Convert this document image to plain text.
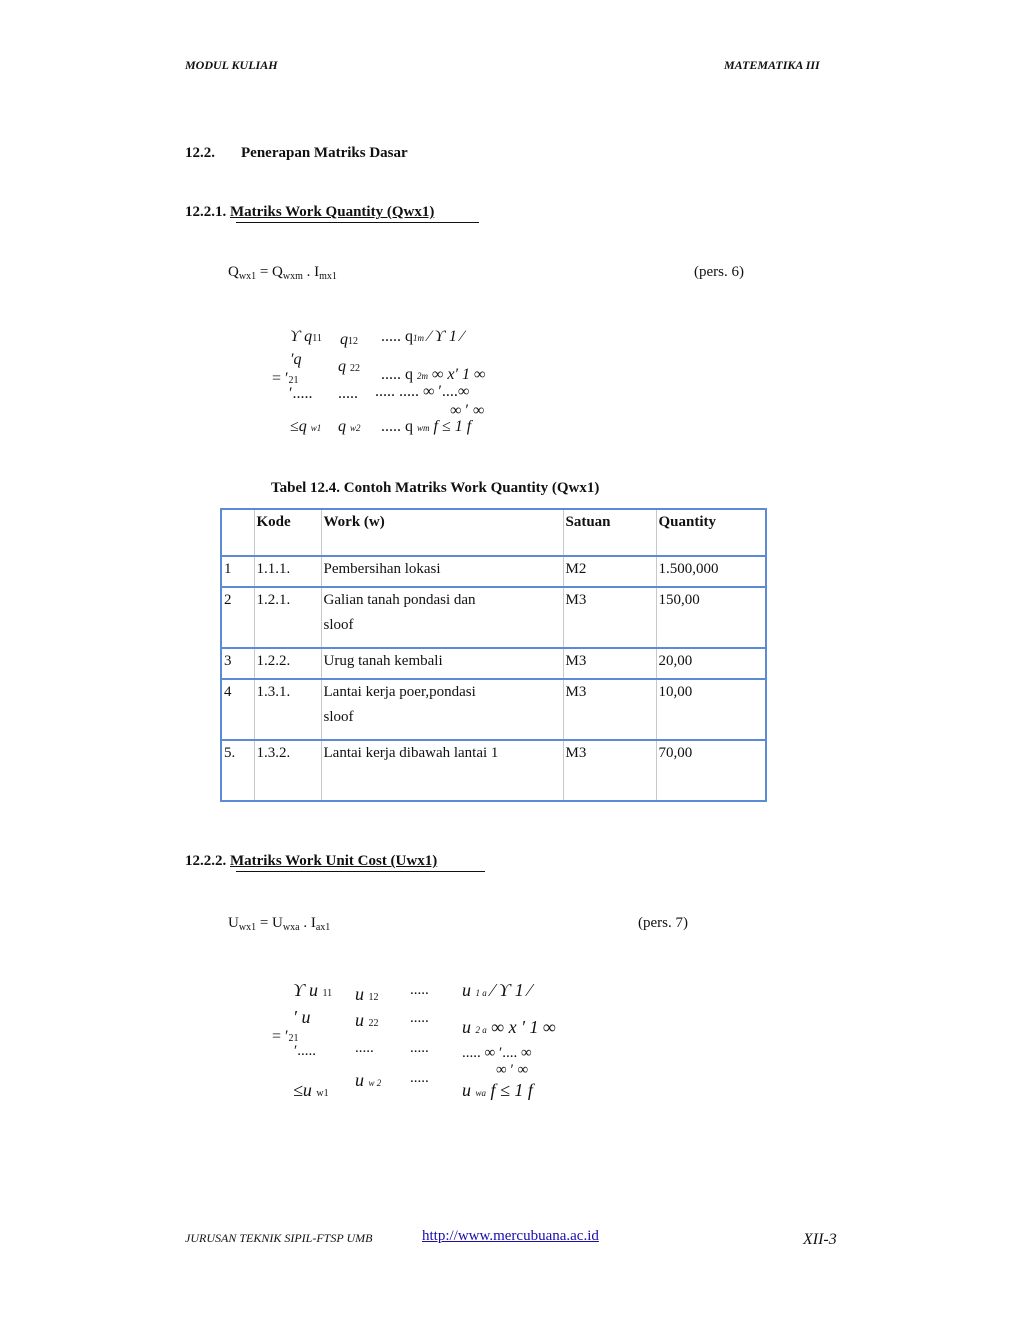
MODUL KULIAH	MATEMATIKA III
12.2. Penerapan Matriks Dasar
12.2.1. Matriks Work Quantity (Qwx1)
$Q_{wx1} = Q_{wxm}$ . $I_{mx1}$	(pers. 6)
ϒ q11 q12 ..... q1m ⁄ ϒ 1 ⁄
′q q 22 ..... q 2m ∞ x′ 1 ∞
= ′21
′..... ..... ..... ..... ∞ ′....∞
∞ ′ ∞
≤q w1 q w2 ..... q wm f ≤ 1 f
Tabel 12.4. Contoh Matriks Work Quantity (Qwx1)
	Kode	Work (w)	Satuan	Quantity
1	1.1.1.	Pembersihan lokasi	M2	1.500,000
2	1.2.1.	Galian tanah pondasi dan
sloof	M3	150,00
3	1.2.2.	Urug tanah kembali	M3	20,00
4	1.3.1.	Lantai kerja poer,pondasi
sloof	M3	10,00
5.	1.3.2.	Lantai kerja dibawah lantai 1	M3	70,00
12.2.2. Matriks Work Unit Cost (Uwx1)
$U_{wx1} = U_{wxa}$ . $I_{ax1}$	(pers. 7)
ϒ u 11 u 12 ..... u 1 a ⁄ ϒ 1 ⁄
′ u u 22 ..... u 2 a ∞ x ′ 1 ∞
= ′21
′.....	..... ..... ..... ∞ ′.... ∞
∞ ′ ∞
≤u w1
u w 2 .....
u wa f ≤ 1 f
JURUSAN TEKNIK SIPIL-FTSP UMB	http://www.mercubuana.ac.id	XII-3
